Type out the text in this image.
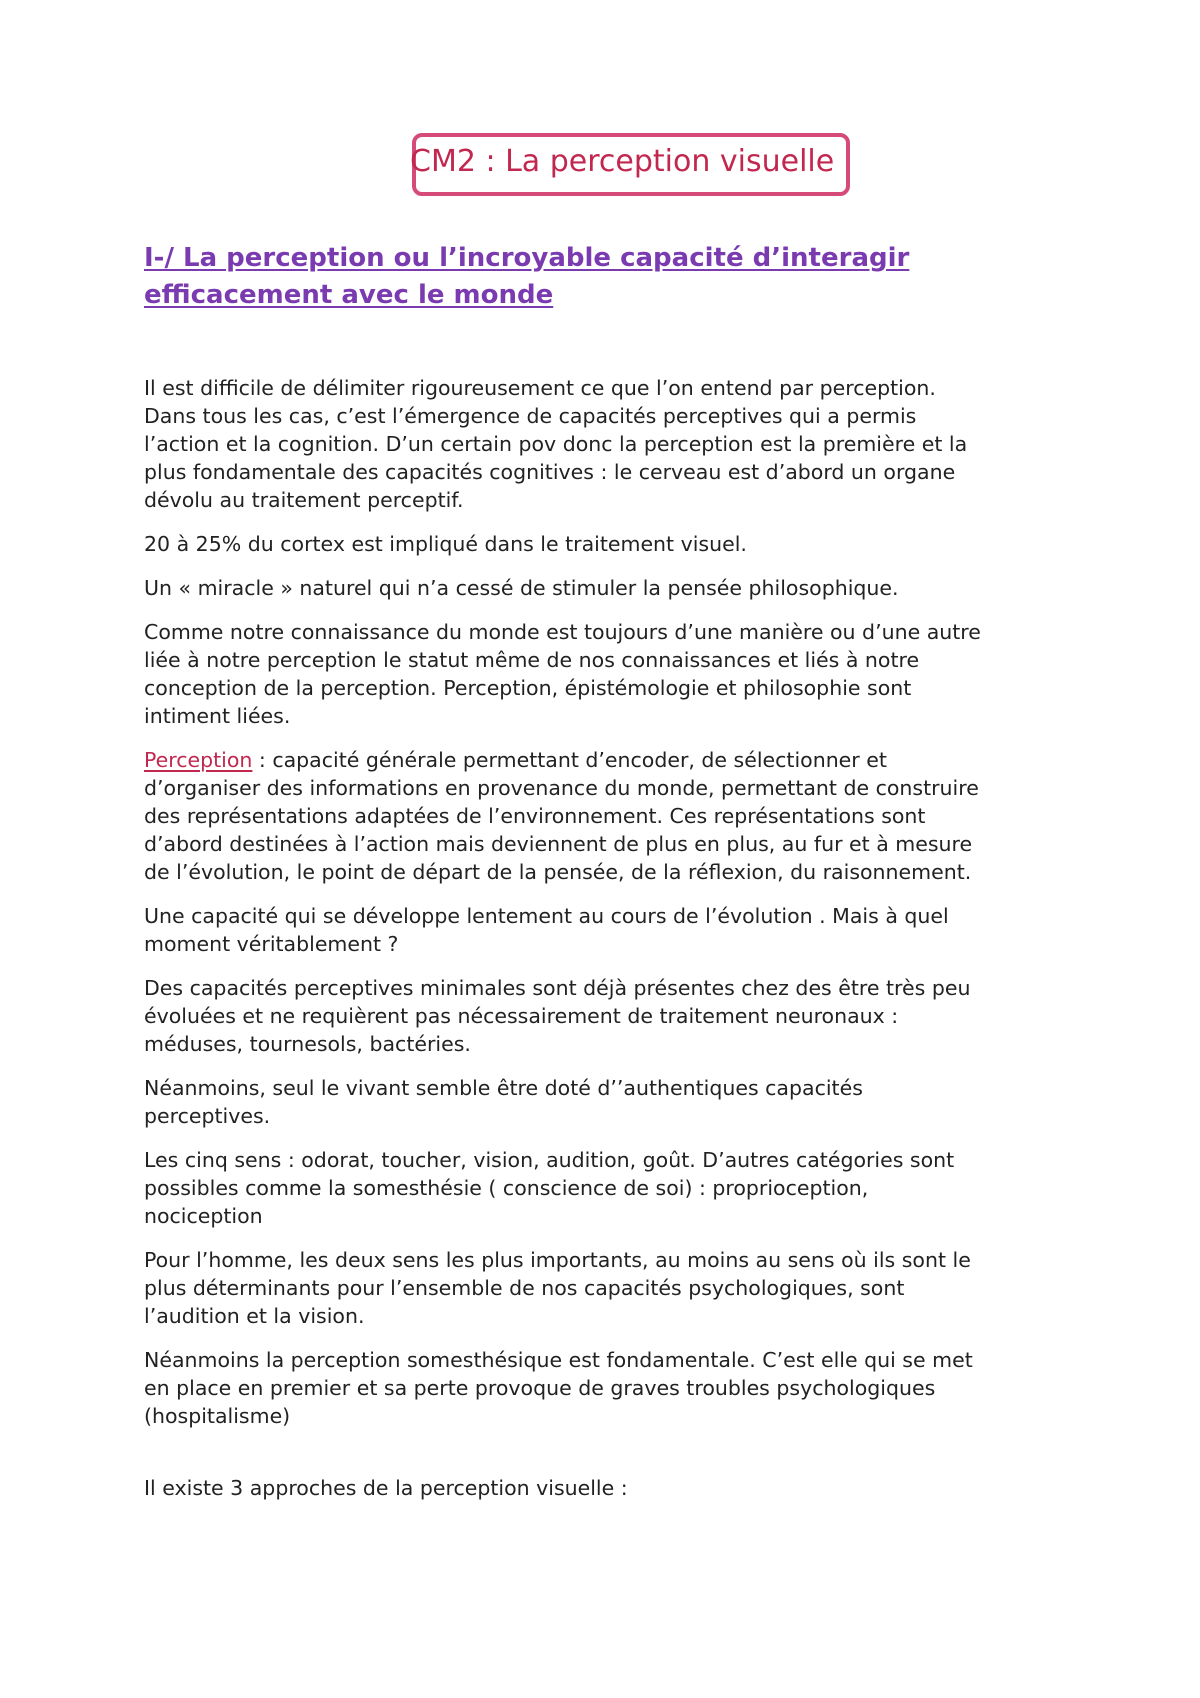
CM2 : La perception visuelle
I-/ La perception ou l’incroyable capacité d’interagir
efficacement avec le monde

Il est difficile de délimiter rigoureusement ce que l’on entend par perception.
Dans tous les cas, c’est l’émergence de capacités perceptives qui a permis
l’action et la cognition. D’un certain pov donc la perception est la première et la
plus fondamentale des capacités cognitives : le cerveau est d’abord un organe
dévolu au traitement perceptif.

20 à 25% du cortex est impliqué dans le traitement visuel.

Un « miracle » naturel qui n’a cessé de stimuler la pensée philosophique.

Comme notre connaissance du monde est toujours d’une manière ou d’une autre
liée à notre perception le statut même de nos connaissances et liés à notre
conception de la perception. Perception, épistémologie et philosophie sont
intiment liées.

Perception : capacité générale permettant d’encoder, de sélectionner et
d’organiser des informations en provenance du monde, permettant de construire
des représentations adaptées de l’environnement. Ces représentations sont
d’abord destinées à l’action mais deviennent de plus en plus, au fur et à mesure
de l’évolution, le point de départ de la pensée, de la réflexion, du raisonnement.

Une capacité qui se développe lentement au cours de l’évolution . Mais à quel
moment véritablement ?

Des capacités perceptives minimales sont déjà présentes chez des être très peu
évoluées et ne requièrent pas nécessairement de traitement neuronaux :
méduses, tournesols, bactéries.

Néanmoins, seul le vivant semble être doté d’’authentiques capacités
perceptives.

Les cinq sens : odorat, toucher, vision, audition, goût. D’autres catégories sont
possibles comme la somesthésie ( conscience de soi) : proprioception,
nociception

Pour l’homme, les deux sens les plus importants, au moins au sens où ils sont le
plus déterminants pour l’ensemble de nos capacités psychologiques, sont
l’audition et la vision.

Néanmoins la perception somesthésique est fondamentale. C’est elle qui se met
en place en premier et sa perte provoque de graves troubles psychologiques
(hospitalisme)

Il existe 3 approches de la perception visuelle :
